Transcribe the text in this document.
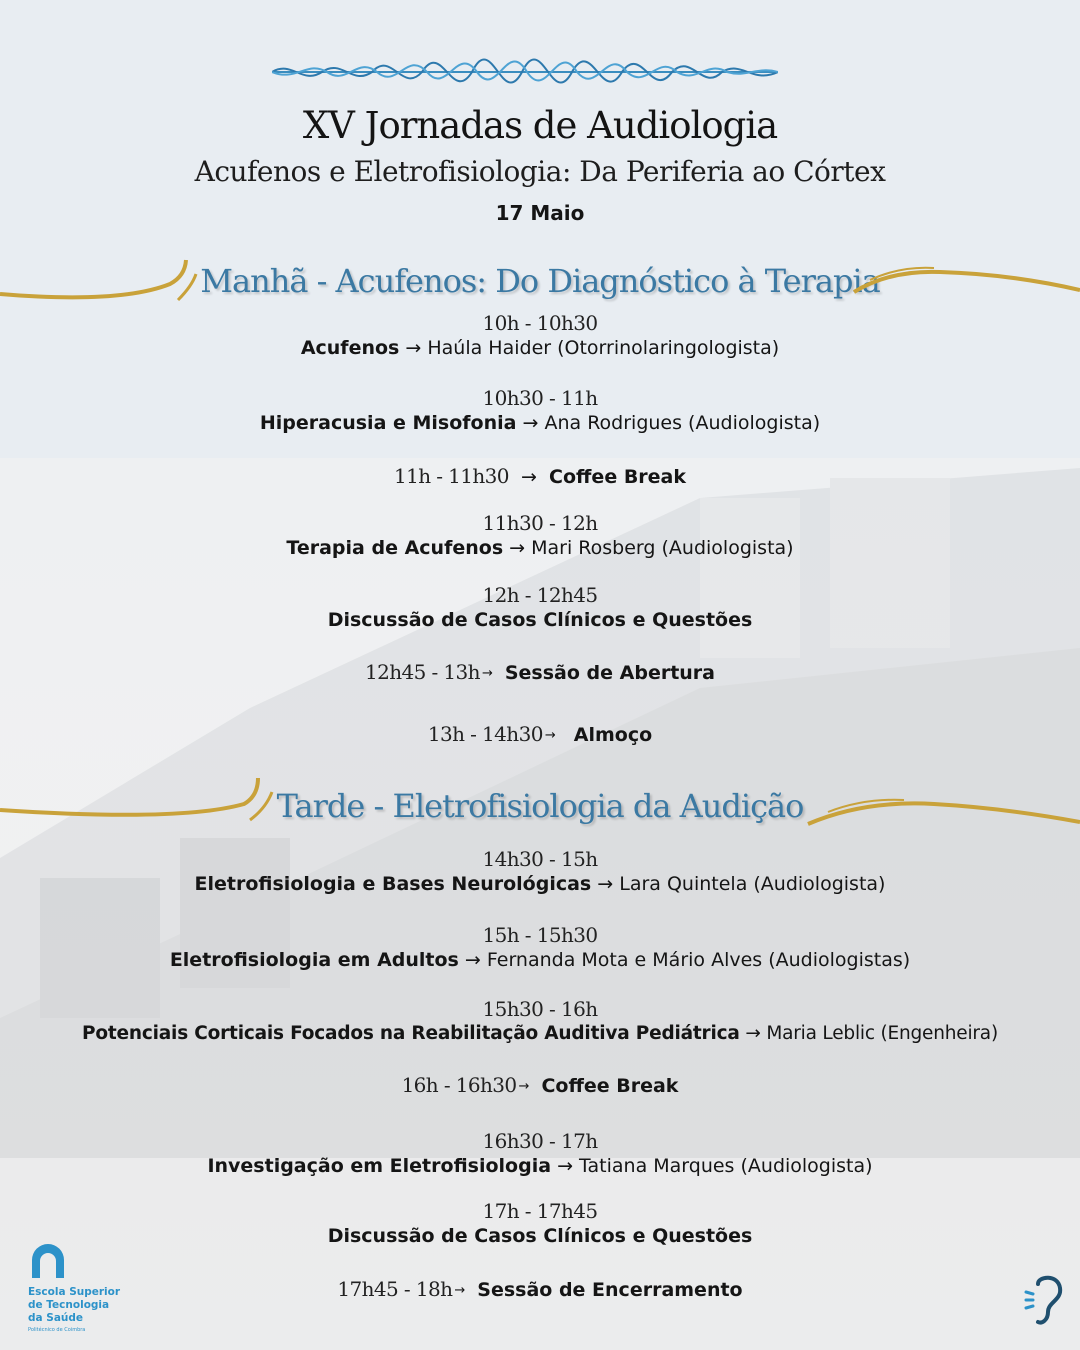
XV Jornadas de Audiologia
Acufenos e Eletrofisiologia: Da Periferia ao Córtex
17 Maio
Manhã - Acufenos: Do Diagnóstico à Terapia
10h - 10h30
Acufenos → Haúla Haider (Otorrinolaringologista)
10h30 - 11h
Hiperacusia e Misofonia → Ana Rodrigues (Audiologista)
11h - 11h30 → Coffee Break
11h30 - 12h
Terapia de Acufenos → Mari Rosberg (Audiologista)
12h - 12h45
Discussão de Casos Clínicos e Questões
12h45 - 13h → Sessão de Abertura
13h - 14h30 → Almoço
Tarde - Eletrofisiologia da Audição
14h30 - 15h
Eletrofisiologia e Bases Neurológicas → Lara Quintela (Audiologista)
15h - 15h30
Eletrofisiologia em Adultos → Fernanda Mota e Mário Alves (Audiologistas)
15h30 - 16h
Potenciais Corticais Focados na Reabilitação Auditiva Pediátrica → Maria Leblic (Engenheira)
16h - 16h30 → Coffee Break
16h30 - 17h
Investigação em Eletrofisiologia → Tatiana Marques (Audiologista)
17h - 17h45
Discussão de Casos Clínicos e Questões
17h45 - 18h → Sessão de Encerramento
Escola Superior
de Tecnologia
da Saúde
Politécnico de Coimbra
